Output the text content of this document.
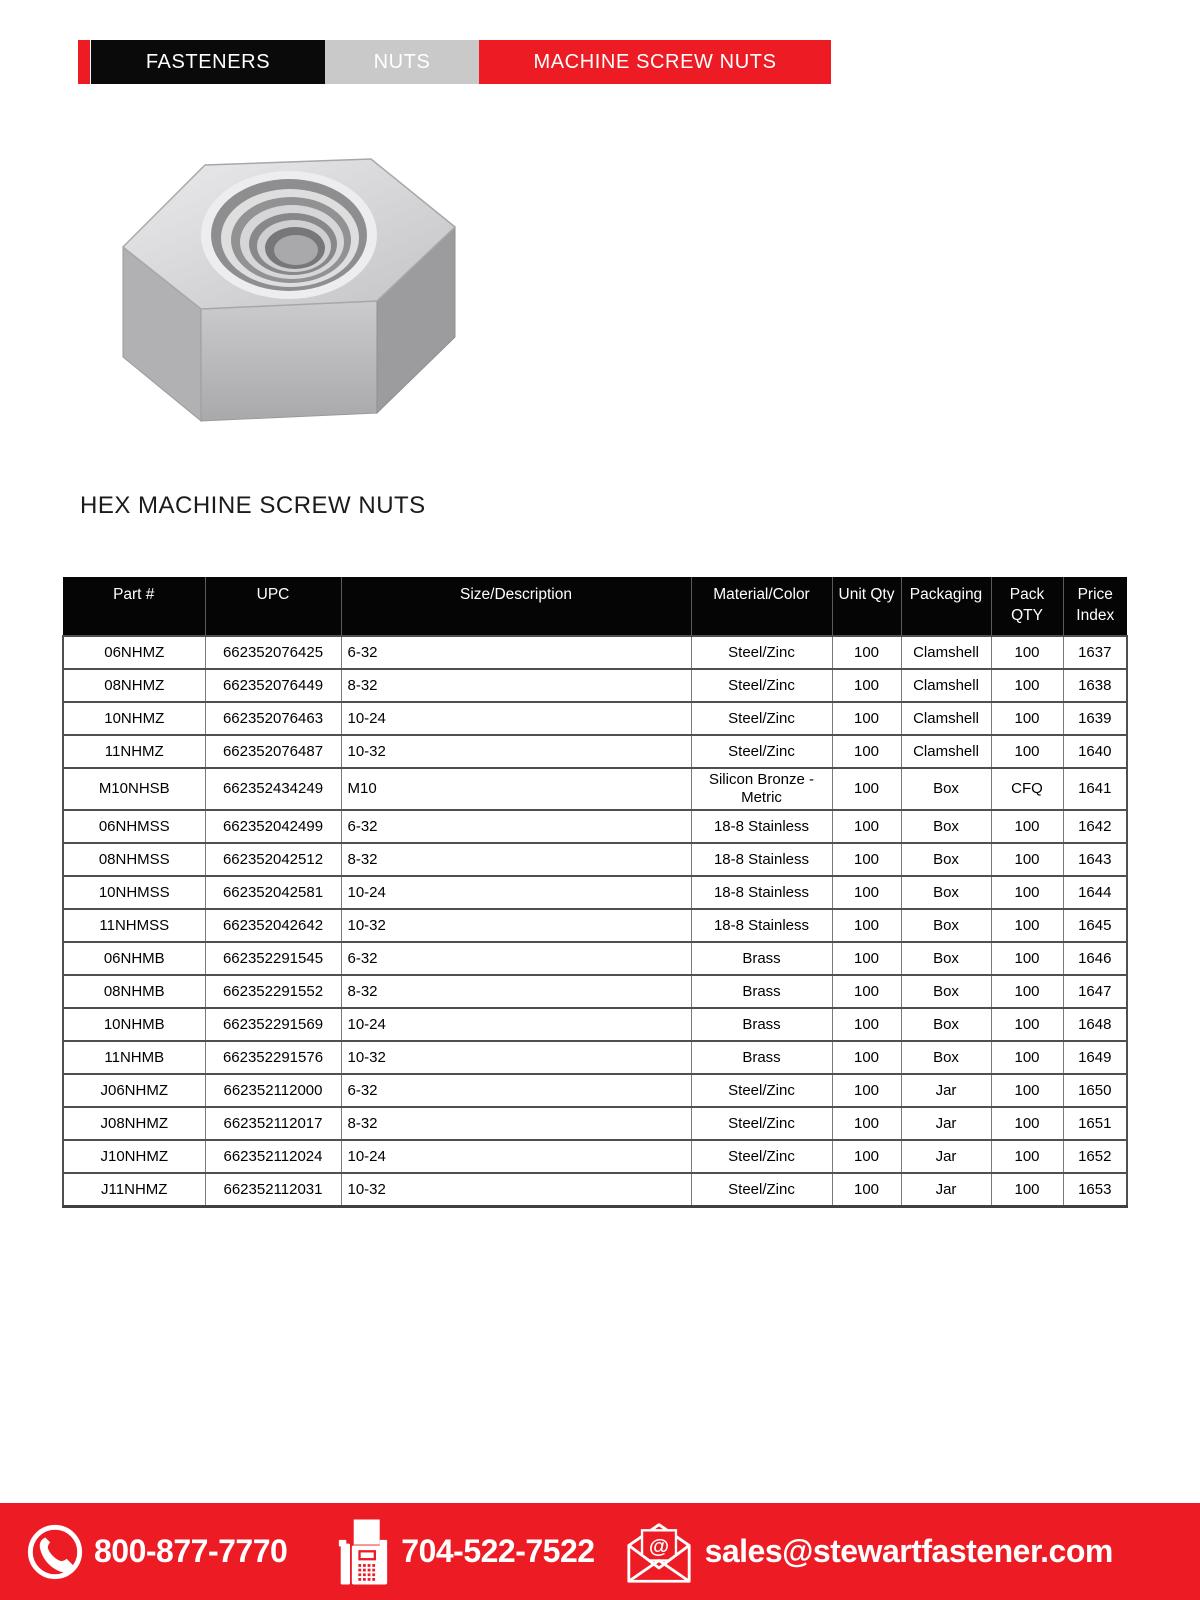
FASTENERS	NUTS	MACHINE SCREW NUTS
HEX MACHINE SCREW NUTS
Part #	UPC	Size/Description	Material/Color	Unit Qty	Packaging	Pack QTY	Price Index
06NHMZ	662352076425	6-32	Steel/Zinc	100	Clamshell	100	1637
08NHMZ	662352076449	8-32	Steel/Zinc	100	Clamshell	100	1638
10NHMZ	662352076463	10-24	Steel/Zinc	100	Clamshell	100	1639
11NHMZ	662352076487	10-32	Steel/Zinc	100	Clamshell	100	1640
M10NHSB	662352434249	M10	Silicon Bronze - Metric	100	Box	CFQ	1641
06NHMSS	662352042499	6-32	18-8 Stainless	100	Box	100	1642
08NHMSS	662352042512	8-32	18-8 Stainless	100	Box	100	1643
10NHMSS	662352042581	10-24	18-8 Stainless	100	Box	100	1644
11NHMSS	662352042642	10-32	18-8 Stainless	100	Box	100	1645
06NHMB	662352291545	6-32	Brass	100	Box	100	1646
08NHMB	662352291552	8-32	Brass	100	Box	100	1647
10NHMB	662352291569	10-24	Brass	100	Box	100	1648
11NHMB	662352291576	10-32	Brass	100	Box	100	1649
J06NHMZ	662352112000	6-32	Steel/Zinc	100	Jar	100	1650
J08NHMZ	662352112017	8-32	Steel/Zinc	100	Jar	100	1651
J10NHMZ	662352112024	10-24	Steel/Zinc	100	Jar	100	1652
J11NHMZ	662352112031	10-32	Steel/Zinc	100	Jar	100	1653
800-877-7770	704-522-7522 @ sales@stewartfastener.com
